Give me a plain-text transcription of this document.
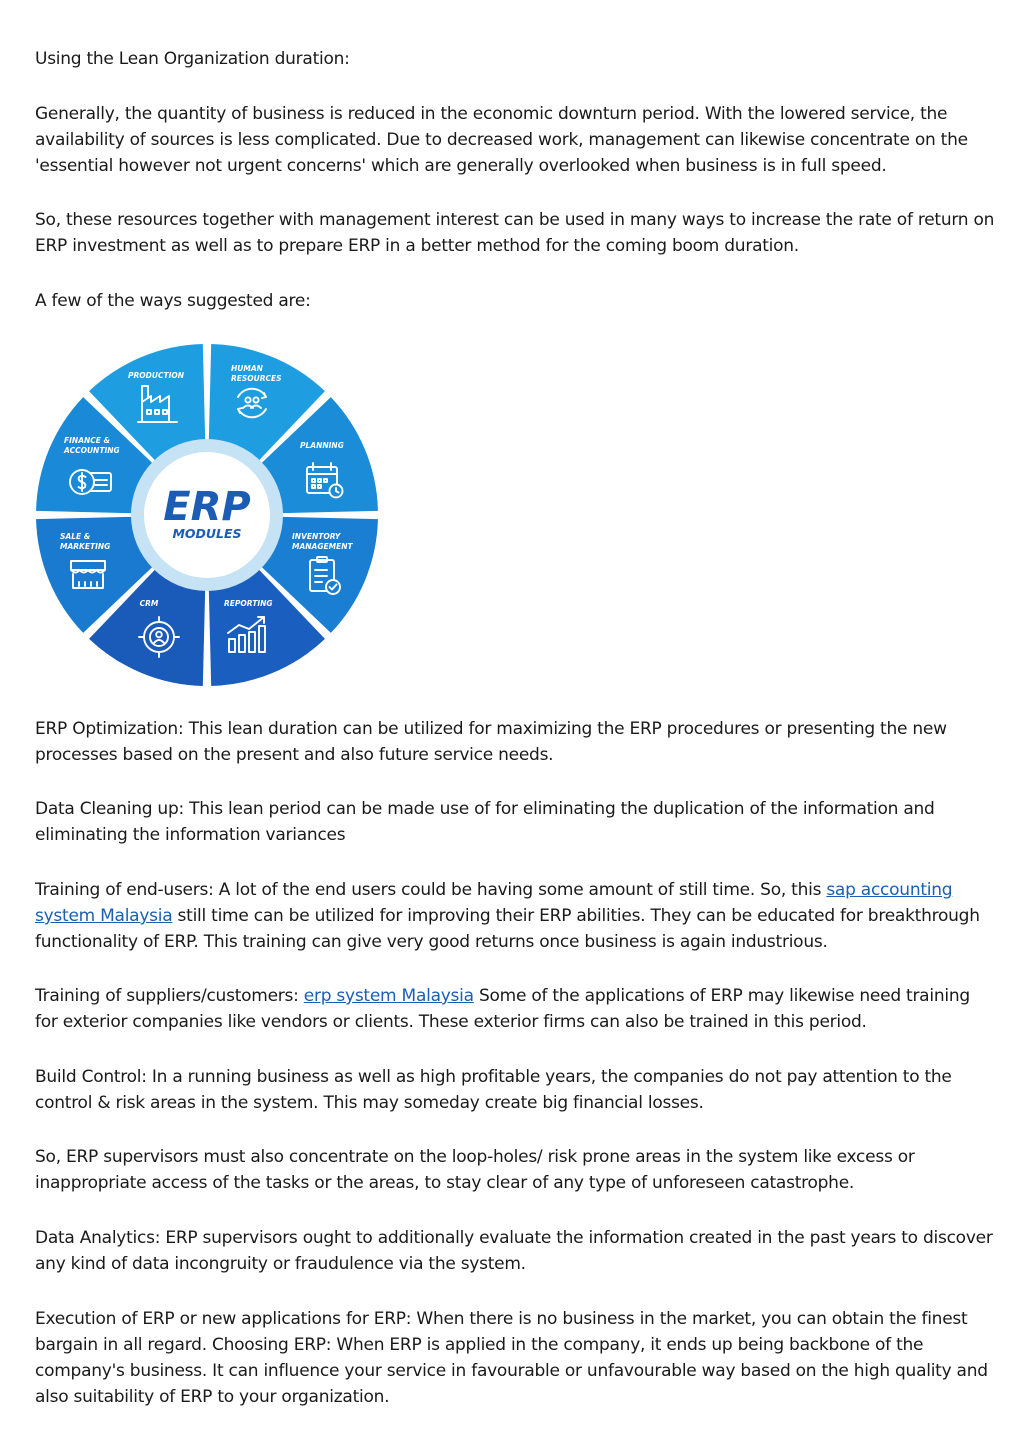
Using the Lean Organization duration:

Generally, the quantity of business is reduced in the economic downturn period. With the lowered service, the availability of sources is less complicated. Due to decreased work, management can likewise concentrate on the 'essential however not urgent concerns' which are generally overlooked when business is in full speed.

So, these resources together with management interest can be used in many ways to increase the rate of return on ERP investment as well as to prepare ERP in a better method for the coming boom duration.

A few of the ways suggested are:

HUMAN
RESOURCES
PLANNING
INVENTORY
MANAGEMENT
REPORTING
CRM
SALE &
MARKETING
FINANCE &
ACCOUNTING
PRODUCTION
ERP
MODULES

ERP Optimization: This lean duration can be utilized for maximizing the ERP procedures or presenting the new processes based on the present and also future service needs.

Data Cleaning up: This lean period can be made use of for eliminating the duplication of the information and eliminating the information variances

Training of end-users: A lot of the end users could be having some amount of still time. So, this sap accounting system Malaysia still time can be utilized for improving their ERP abilities. They can be educated for breakthrough functionality of ERP. This training can give very good returns once business is again industrious.

Training of suppliers/customers: erp system Malaysia Some of the applications of ERP may likewise need training for exterior companies like vendors or clients. These exterior firms can also be trained in this period.

Build Control: In a running business as well as high profitable years, the companies do not pay attention to the control & risk areas in the system. This may someday create big financial losses.

So, ERP supervisors must also concentrate on the loop-holes/ risk prone areas in the system like excess or inappropriate access of the tasks or the areas, to stay clear of any type of unforeseen catastrophe.

Data Analytics: ERP supervisors ought to additionally evaluate the information created in the past years to discover any kind of data incongruity or fraudulence via the system.

Execution of ERP or new applications for ERP: When there is no business in the market, you can obtain the finest bargain in all regard. Choosing ERP: When ERP is applied in the company, it ends up being backbone of the company's business. It can influence your service in favourable or unfavourable way based on the high quality and also suitability of ERP to your organization.
